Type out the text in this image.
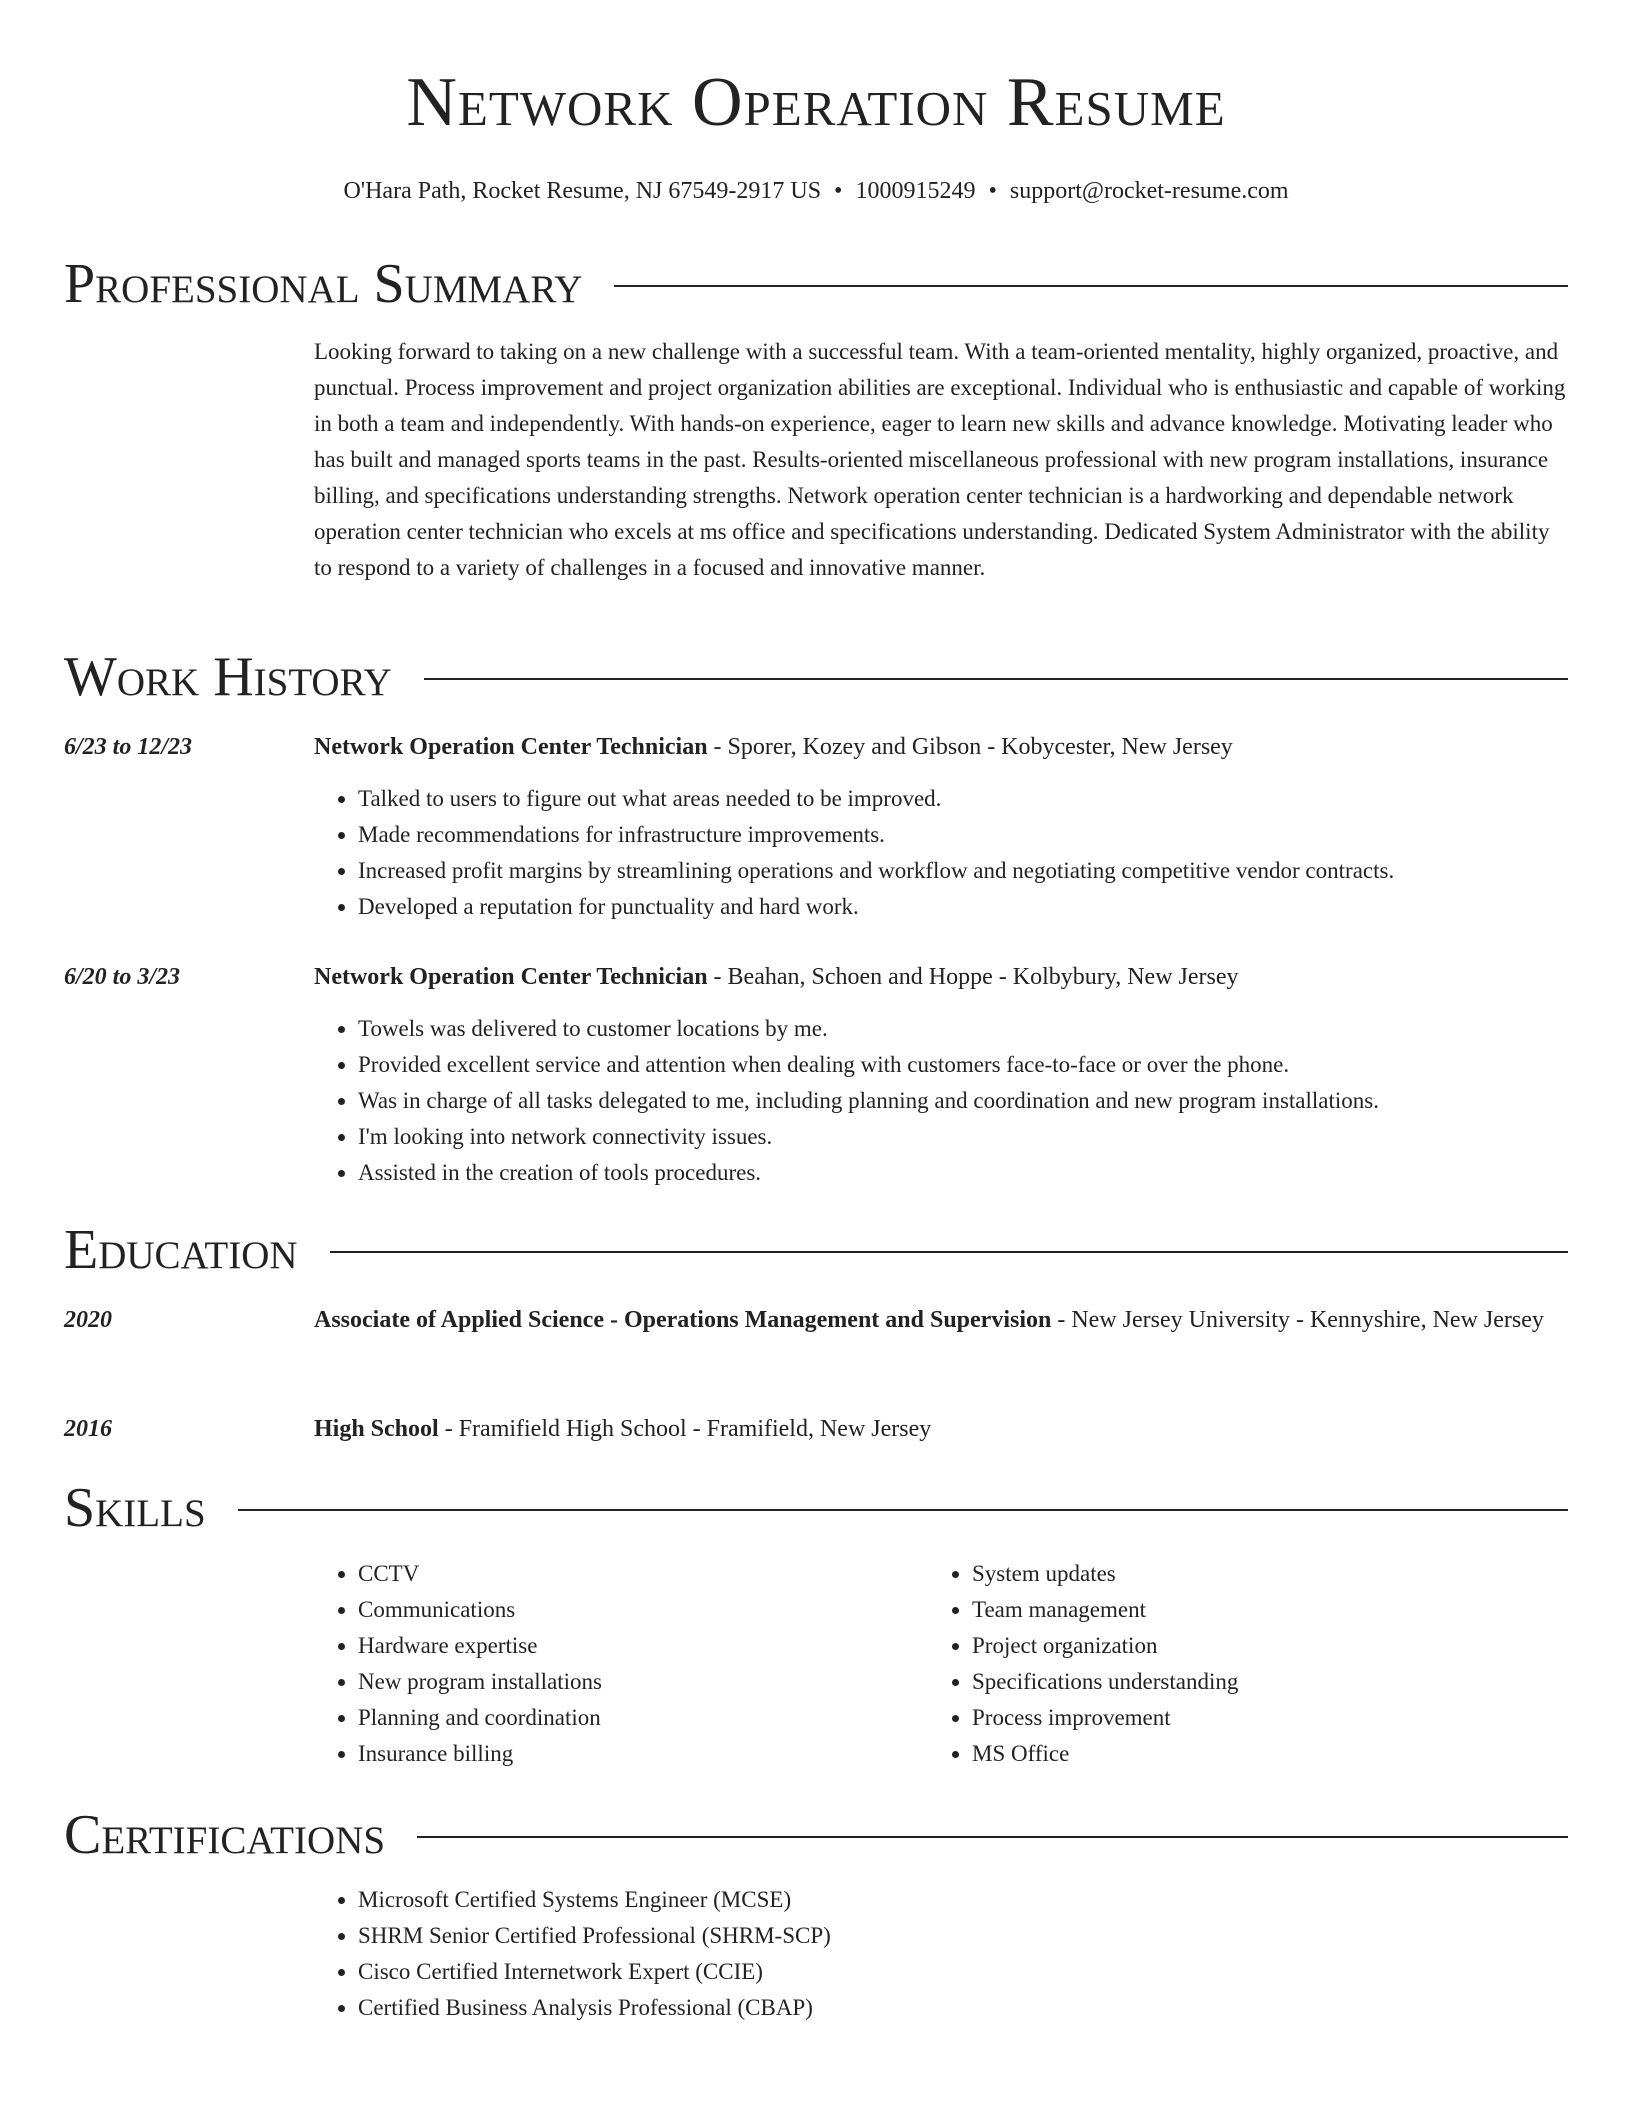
Network Operation Resume
O'Hara Path, Rocket Resume, NJ 67549-2917 US • 1000915249 • support@rocket-resume.com
Professional Summary

Looking forward to taking on a new challenge with a successful team. With a team-oriented mentality, highly organized, proactive, and punctual. Process improvement and project organization abilities are exceptional. Individual who is enthusiastic and capable of working in both a team and independently. With hands-on experience, eager to learn new skills and advance knowledge. Motivating leader who has built and managed sports teams in the past. Results-oriented miscellaneous professional with new program installations, insurance billing, and specifications understanding strengths. Network operation center technician is a hardworking and dependable network operation center technician who excels at ms office and specifications understanding. Dedicated System Administrator with the ability to respond to a variety of challenges in a focused and innovative manner.

Work History
6/23 to 12/23	Network Operation Center Technician - Sporer, Kozey and Gibson - Kobycester, New Jersey
• Talked to users to figure out what areas needed to be improved.
• Made recommendations for infrastructure improvements.
• Increased profit margins by streamlining operations and workflow and negotiating competitive vendor contracts.
• Developed a reputation for punctuality and hard work.
6/20 to 3/23	Network Operation Center Technician - Beahan, Schoen and Hoppe - Kolbybury, New Jersey
• Towels was delivered to customer locations by me.
• Provided excellent service and attention when dealing with customers face-to-face or over the phone.
• Was in charge of all tasks delegated to me, including planning and coordination and new program installations.
• I'm looking into network connectivity issues.
• Assisted in the creation of tools procedures.
Education
2020	Associate of Applied Science - Operations Management and Supervision - New Jersey University - Kennyshire, New Jersey
2016	High School - Framifield High School - Framifield, New Jersey
Skills
• CCTV
• Communications
• Hardware expertise
• New program installations
• Planning and coordination
• Insurance billing
• System updates
• Team management
• Project organization
• Specifications understanding
• Process improvement
• MS Office
Certifications
• Microsoft Certified Systems Engineer (MCSE)
• SHRM Senior Certified Professional (SHRM-SCP)
• Cisco Certified Internetwork Expert (CCIE)
• Certified Business Analysis Professional (CBAP)
